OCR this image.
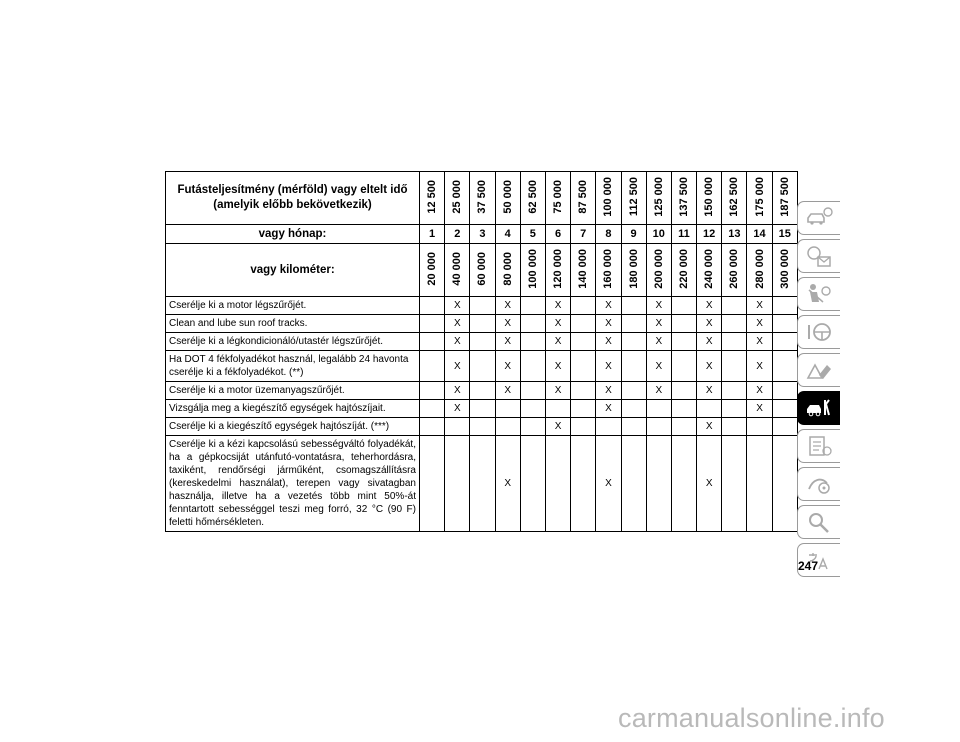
Futásteljesítmény (mérföld) vagy eltelt idő (amelyik előbb bekövetkezik)	12 500	25 000	37 500	50 000	62 500	75 000	87 500	100 000	112 500	125 000	137 500	150 000	162 500	175 000	187 500
vagy hónap:	1	2	3	4	5	6	7	8	9	10	11	12	13	14	15
vagy kilométer:	20 000	40 000	60 000	80 000	100 000	120 000	140 000	160 000	180 000	200 000	220 000	240 000	260 000	280 000	300 000
Cserélje ki a motor légszűrőjét.		X		X		X		X		X		X		X	
Clean and lube sun roof tracks.		X		X		X		X		X		X		X	
Cserélje ki a légkondicionáló/utastér légszűrőjét.		X		X		X		X		X		X		X	
Ha DOT 4 fékfolyadékot használ, legalább 24 havonta cserélje ki a fékfolyadékot. (**)		X		X		X		X		X		X		X	
Cserélje ki a motor üzemanyagszűrőjét.		X		X		X		X		X		X		X	
Vizsgálja meg a kiegészítő egységek hajtószíjait.		X						X						X	
Cserélje ki a kiegészítő egységek hajtószíját. (***)						X						X			
Cserélje ki a kézi kapcsolású sebességváltó folyadékát, ha a gépkocsiját utánfutó-vontatásra, teherhordásra, taxiként, rendőrségi járműként, csomagszállításra (kereskedelmi használat), terepen vagy sivatagban használja, illetve ha a vezetés több mint 50%-át fenntartott sebességgel teszi meg forró, 32 °C (90 F) feletti hőmérsékleten.				X				X				X			
247
carmanualsonline.info
